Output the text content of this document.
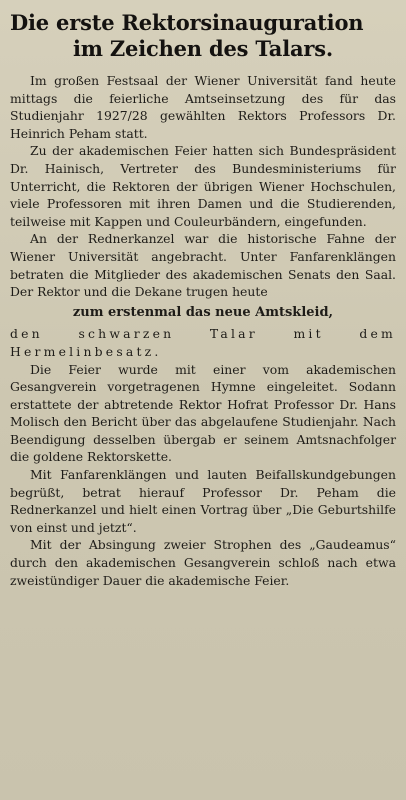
Die erste Rektorsinauguration
im Zeichen des Talars.

Im großen Festsaal der Wiener Universität fand heute mittags die feierliche Amtseinsetzung des für das Studienjahr 1927/28 gewählten Rektors Professors Dr. Heinrich Peham statt.

Zu der akademischen Feier hatten sich Bundespräsident Dr. Hainisch, Vertreter des Bundesministeriums für Unterricht, die Rektoren der übrigen Wiener Hochschulen, viele Professoren mit ihren Damen und die Studierenden, teilweise mit Kappen und Couleurbändern, eingefunden.

An der Rednerkanzel war die historische Fahne der Wiener Universität angebracht. Unter Fanfarenklängen betraten die Mitglieder des akademischen Senats den Saal. Der Rektor und die Dekane trugen heute

zum erstenmal das neue Amtskleid,

den schwarzen Talar mit dem Hermelinbesatz.

Die Feier wurde mit einer vom akademischen Gesangverein vorgetragenen Hymne eingeleitet. Sodann erstattete der abtretende Rektor Hofrat Professor Dr. Hans Molisch den Bericht über das abgelaufene Studienjahr. Nach Beendigung desselben übergab er seinem Amtsnachfolger die goldene Rektorskette.

Mit Fanfarenklängen und lauten Beifallskundgebungen begrüßt, betrat hierauf Professor Dr. Peham die Rednerkanzel und hielt einen Vortrag über „Die Geburtshilfe von einst und jetzt“.

Mit der Absingung zweier Strophen des „Gaudeamus“ durch den akademischen Gesangverein schloß nach etwa zweistündiger Dauer die akademische Feier.
